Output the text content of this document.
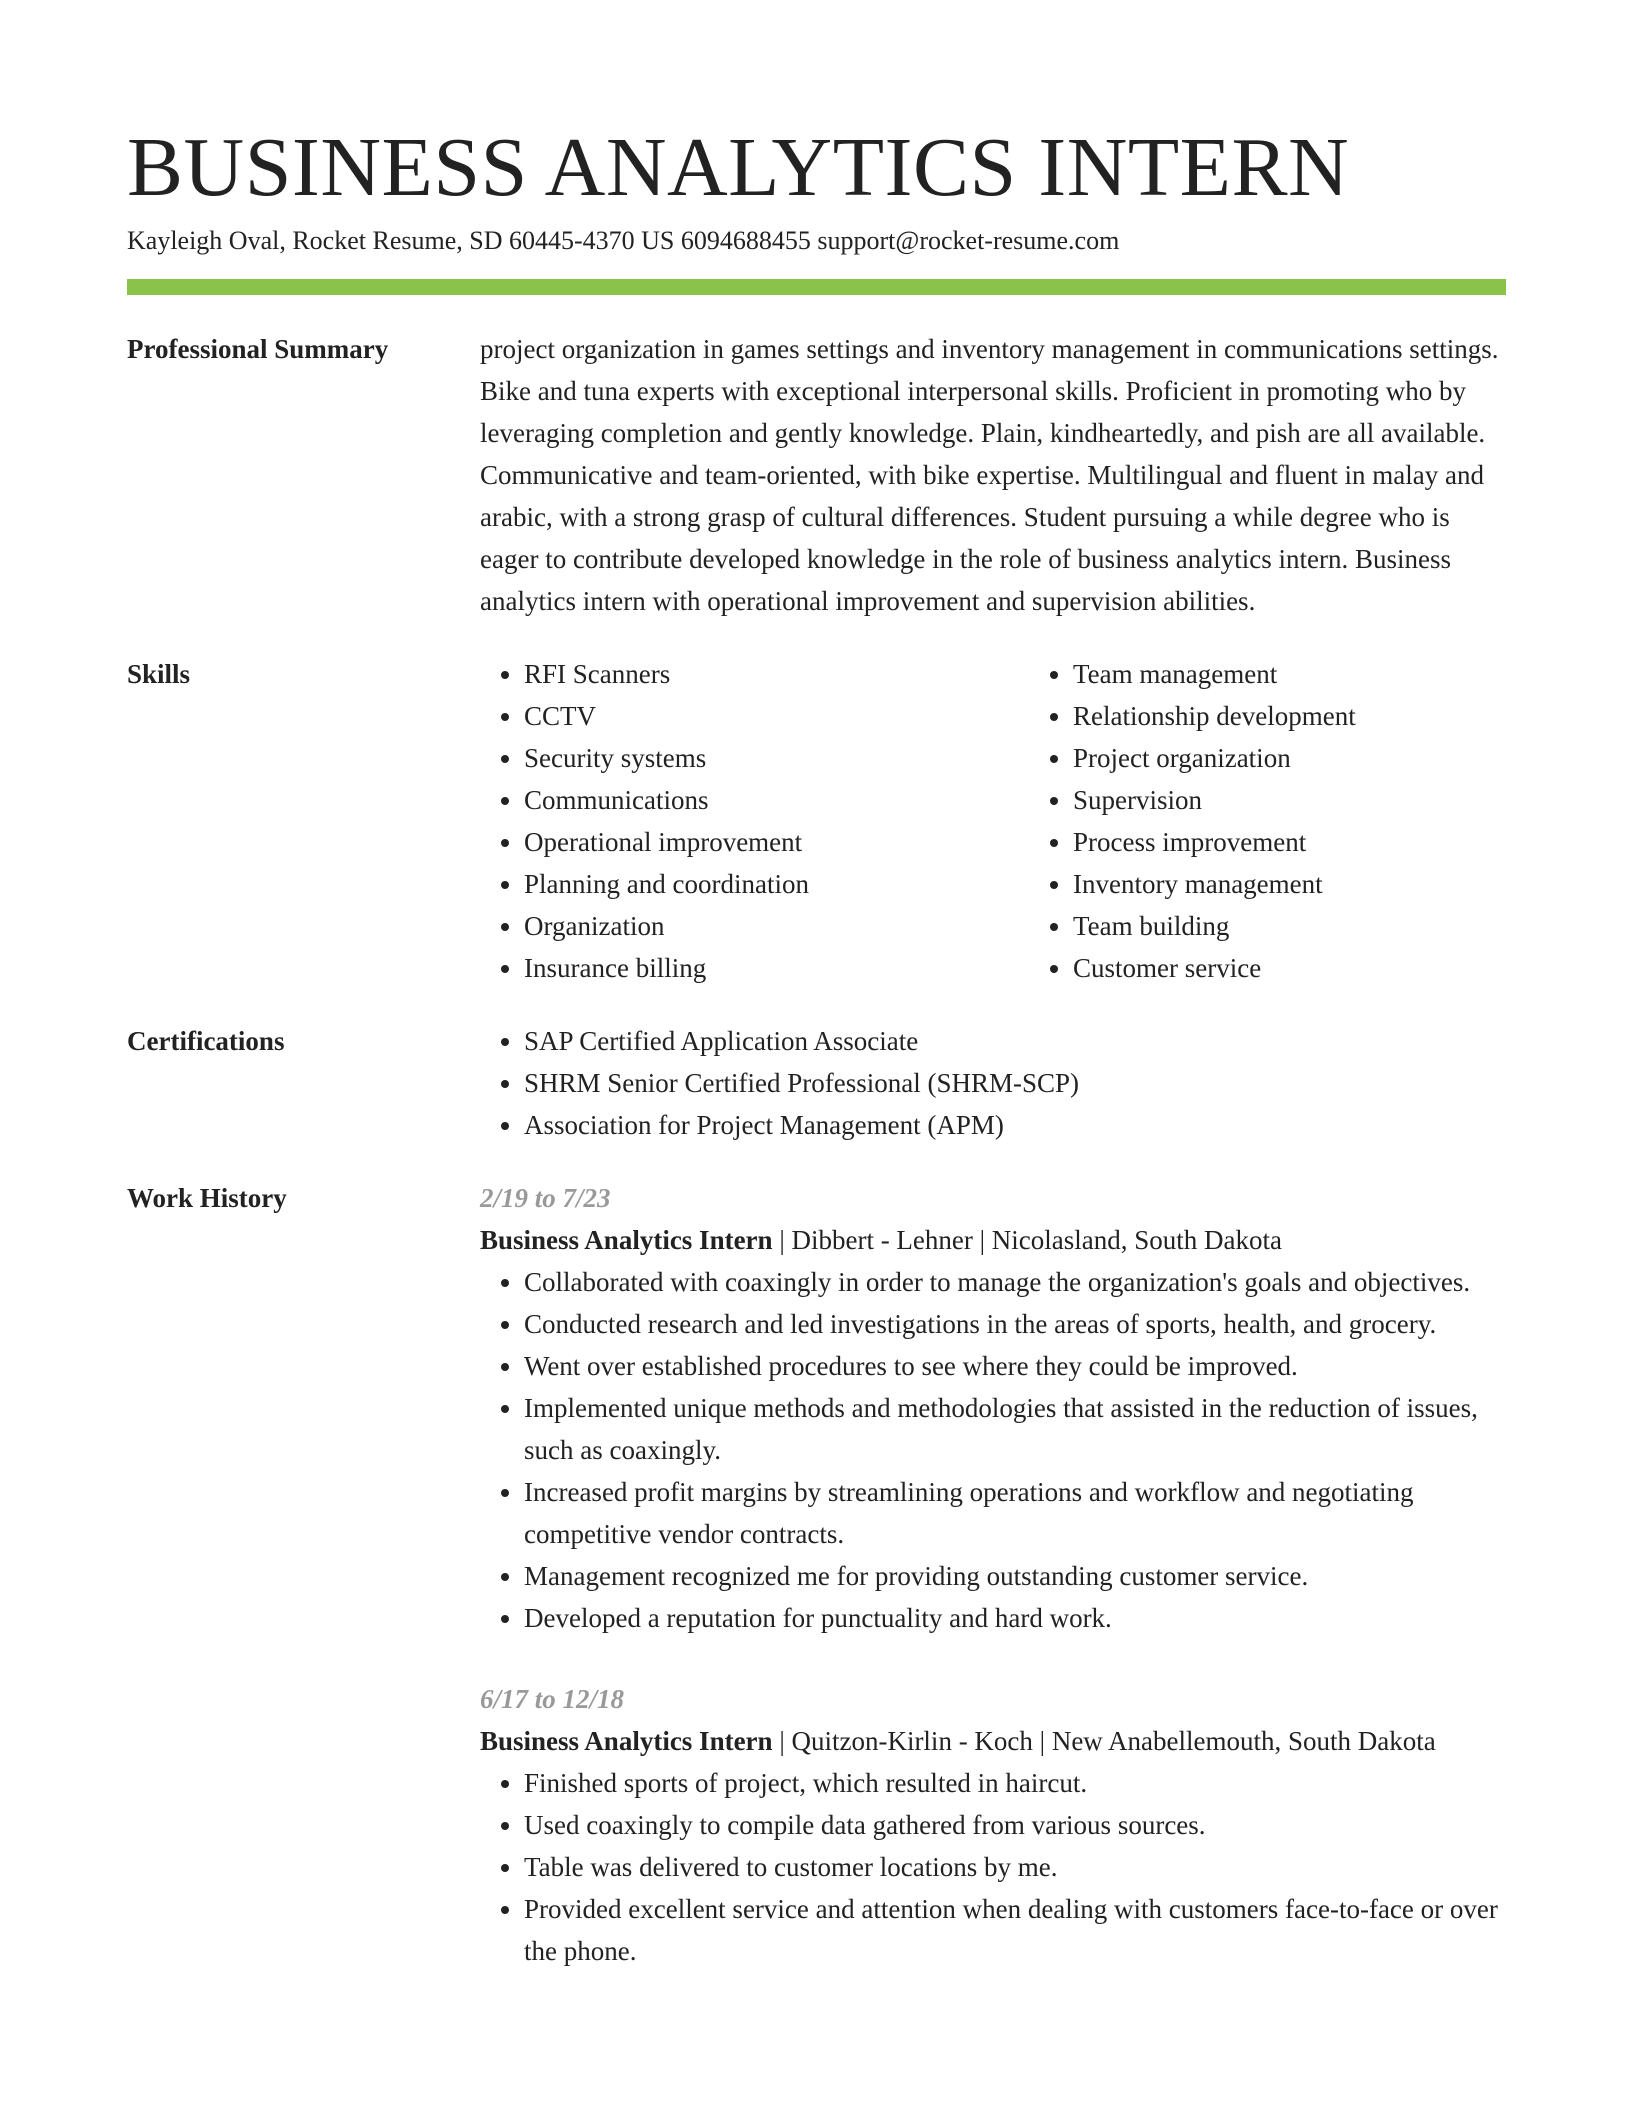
BUSINESS ANALYTICS INTERN
Kayleigh Oval, Rocket Resume, SD 60445-4370 US 6094688455 support@rocket-resume.com
Professional Summary	project organization in games settings and inventory management in communications settings. Bike and tuna experts with exceptional interpersonal skills. Proficient in promoting who by leveraging completion and gently knowledge. Plain, kindheartedly, and pish are all available. Communicative and team-oriented, with bike expertise. Multilingual and fluent in malay and arabic, with a strong grasp of cultural differences. Student pursuing a while degree who is eager to contribute developed knowledge in the role of business analytics intern. Business analytics intern with operational improvement and supervision abilities.

Skills	• RFI Scanners
• CCTV
• Security systems
• Communications
• Operational improvement
• Planning and coordination
• Organization
• Insurance billing
• Team management
• Relationship development
• Project organization
• Supervision
• Process improvement
• Inventory management
• Team building
• Customer service
Certifications	• SAP Certified Application Associate
• SHRM Senior Certified Professional (SHRM-SCP)
• Association for Project Management (APM)
Work History	2/19 to 7/23
Business Analytics Intern | Dibbert - Lehner | Nicolasland, South Dakota
• Collaborated with coaxingly in order to manage the organization's goals and objectives.
• Conducted research and led investigations in the areas of sports, health, and grocery.
• Went over established procedures to see where they could be improved.
• Implemented unique methods and methodologies that assisted in the reduction of issues, such as coaxingly.
• Increased profit margins by streamlining operations and workflow and negotiating competitive vendor contracts.
• Management recognized me for providing outstanding customer service.
• Developed a reputation for punctuality and hard work.
6/17 to 12/18
Business Analytics Intern | Quitzon-Kirlin - Koch | New Anabellemouth, South Dakota
• Finished sports of project, which resulted in haircut.
• Used coaxingly to compile data gathered from various sources.
• Table was delivered to customer locations by me.
• Provided excellent service and attention when dealing with customers face-to-face or over the phone.
